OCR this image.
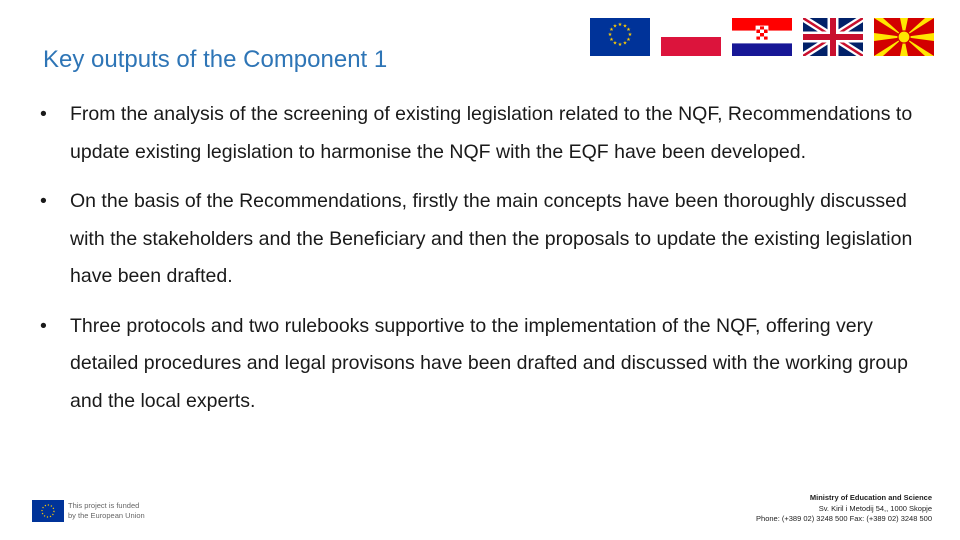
Key outputs of the Component 1
★ ★
★
★
★
★
★
★
★
★
★
★
• From the analysis of the screening of existing legislation related to the NQF, Recommendations to update existing legislation to harmonise the NQF with the EQF have been developed.
• On the basis of the Recommendations, firstly the main concepts have been thoroughly discussed with the stakeholders and the Beneficiary and then the proposals to update the existing legislation have been drafted.
• Three protocols and two rulebooks supportive to the implementation of the NQF, offering very detailed procedures and legal provisons have been drafted and discussed with the working group and the local experts.
This project is funded
by the European Union
Ministry of Education and Science
Sv. Kiril i Metodij 54,, 1000 Skopje
Phone: (+389 02) 3248 500 Fax: (+389 02) 3248 500
